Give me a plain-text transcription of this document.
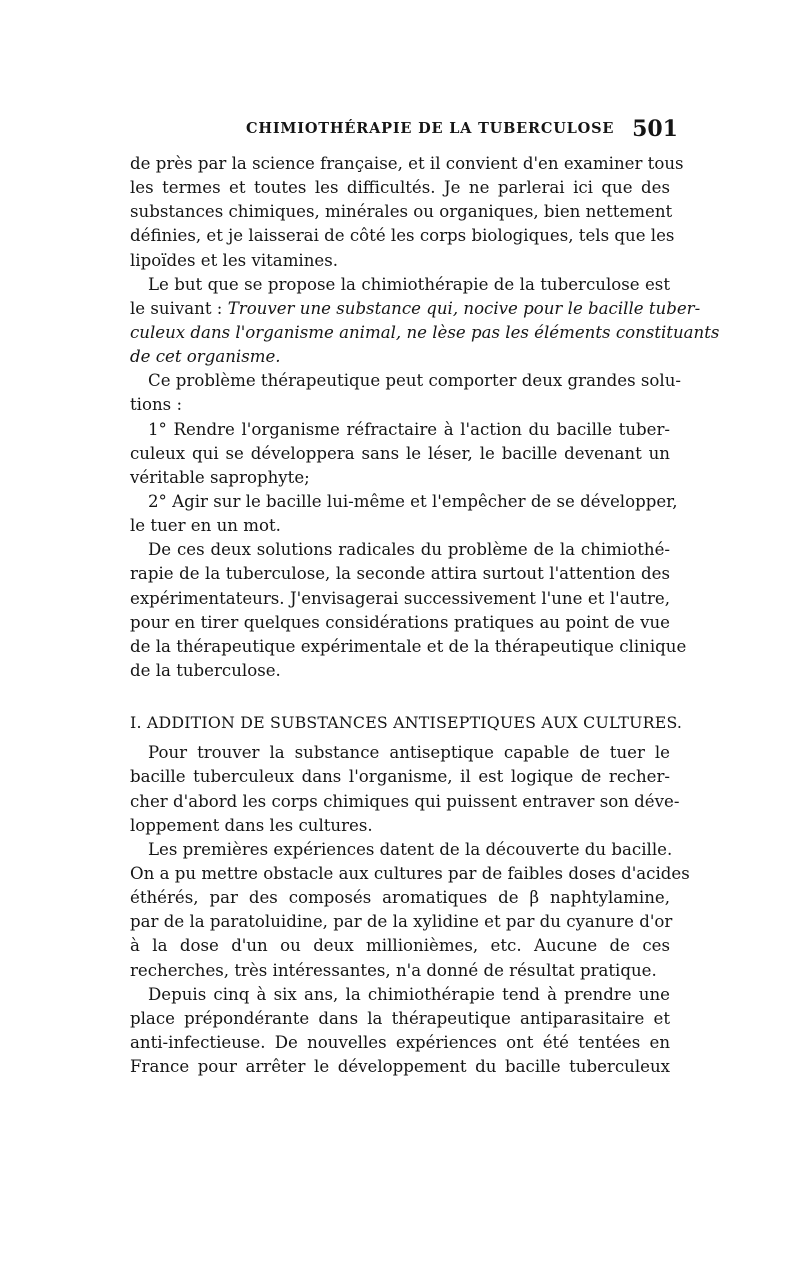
CHIMIOTHÉRAPIE DE LA TUBERCULOSE 501
de près par la science française, et il convient d'en examiner tous
les termes et toutes les difficultés. Je ne parlerai ici que des
substances chimiques, minérales ou organiques, bien nettement
définies, et je laisserai de côté les corps biologiques, tels que les
lipoïdes et les vitamines.
Le but que se propose la chimiothérapie de la tuberculose est
le suivant : Trouver une substance qui, nocive pour le bacille tuber-
culeux dans l'organisme animal, ne lèse pas les éléments constituants
de cet organisme.
Ce problème thérapeutique peut comporter deux grandes solu-
tions :
1° Rendre l'organisme réfractaire à l'action du bacille tuber-
culeux qui se développera sans le léser, le bacille devenant un
véritable saprophyte;
2° Agir sur le bacille lui-même et l'empêcher de se développer,
le tuer en un mot.
De ces deux solutions radicales du problème de la chimiothé-
rapie de la tuberculose, la seconde attira surtout l'attention des
expérimentateurs. J'envisagerai successivement l'une et l'autre,
pour en tirer quelques considérations pratiques au point de vue
de la thérapeutique expérimentale et de la thérapeutique clinique
de la tuberculose.
I. ADDITION DE SUBSTANCES ANTISEPTIQUES AUX CULTURES.
Pour trouver la substance antiseptique capable de tuer le
bacille tuberculeux dans l'organisme, il est logique de recher-
cher d'abord les corps chimiques qui puissent entraver son déve-
loppement dans les cultures.
Les premières expériences datent de la découverte du bacille.
On a pu mettre obstacle aux cultures par de faibles doses d'acides
éthérés, par des composés aromatiques de β naphtylamine,
par de la paratoluidine, par de la xylidine et par du cyanure d'or
à la dose d'un ou deux millionièmes, etc. Aucune de ces
recherches, très intéressantes, n'a donné de résultat pratique.
Depuis cinq à six ans, la chimiothérapie tend à prendre une
place prépondérante dans la thérapeutique antiparasitaire et
anti-infectieuse. De nouvelles expériences ont été tentées en
France pour arrêter le développement du bacille tuberculeux
